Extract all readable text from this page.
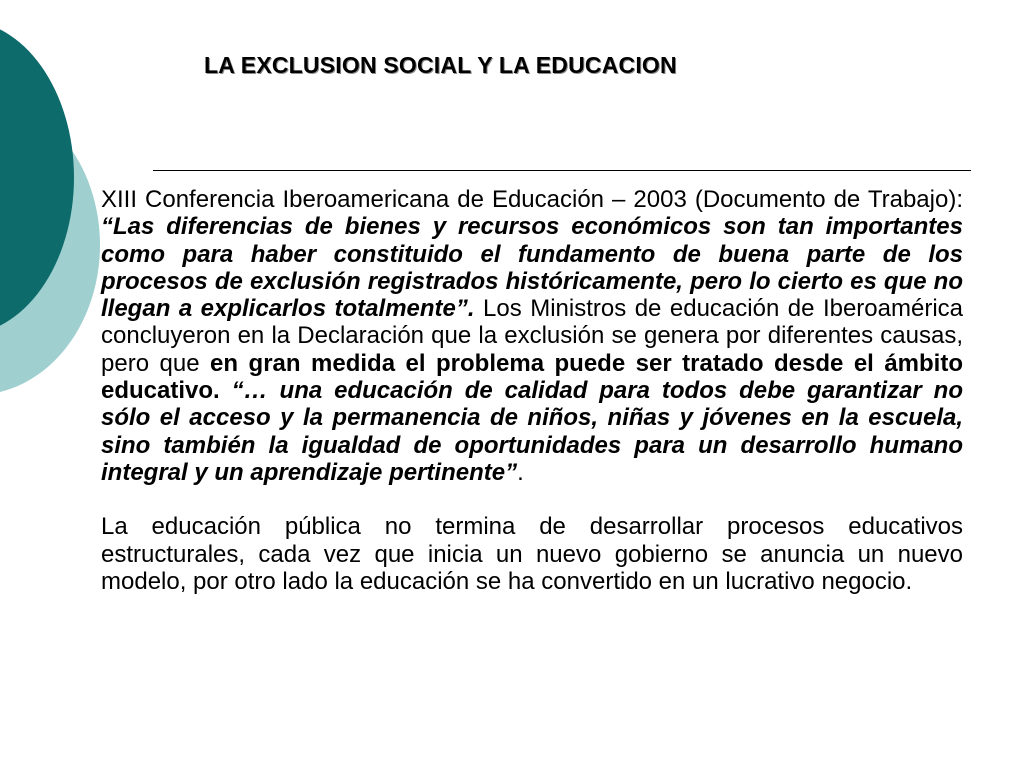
LA EXCLUSION SOCIAL Y LA EDUCACION

XIII Conferencia Iberoamericana de Educación – 2003 (Documento de Trabajo): “Las diferencias de bienes y recursos económicos son tan importantes como para haber constituido el fundamento de buena parte de los procesos de exclusión registrados históricamente, pero lo cierto es que no llegan a explicarlos totalmente”. Los Ministros de educación de Iberoamérica concluyeron en la Declaración que la exclusión se genera por diferentes causas, pero que en gran medida el problema puede ser tratado desde el ámbito educativo. “… una educación de calidad para todos debe garantizar no sólo el acceso y la permanencia de niños, niñas y jóvenes en la escuela, sino también la igualdad de oportunidades para un desarrollo humano integral y un aprendizaje pertinente”.

La educación pública no termina de desarrollar procesos educativos estructurales, cada vez que inicia un nuevo gobierno se anuncia un nuevo modelo, por otro lado la educación se ha convertido en un lucrativo negocio.
